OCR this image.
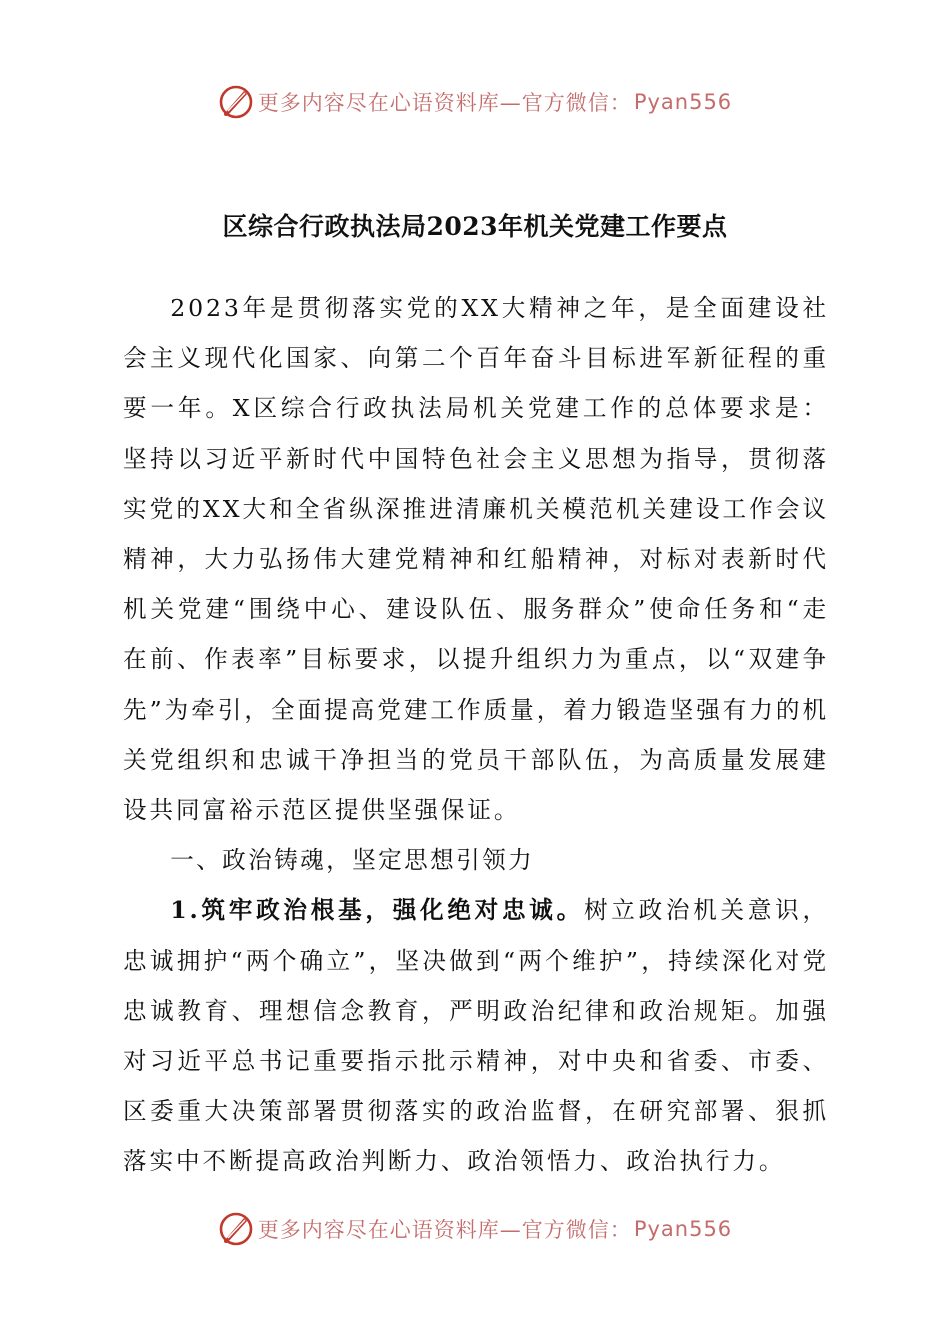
更多内容尽在心语资料库—官方微信： Pyan556
区综合行政执法局2023年机关党建工作要点

2023年是贯彻落实党的XX大精神之年，是全面建设社会主义现代化国家、向第二个百年奋斗目标进军新征程的重要一年。X区综合行政执法局机关党建工作的总体要求是：坚持以习近平新时代中国特色社会主义思想为指导，贯彻落实党的XX大和全省纵深推进清廉机关模范机关建设工作会议精神，大力弘扬伟大建党精神和红船精神，对标对表新时代机关党建“围绕中心、建设队伍、服务群众”使命任务和“走在前、作表率”目标要求，以提升组织力为重点，以“双建争先”为牵引，全面提高党建工作质量，着力锻造坚强有力的机关党组织和忠诚干净担当的党员干部队伍，为高质量发展建设共同富裕示范区提供坚强保证。

一、政治铸魂，坚定思想引领力

1.筑牢政治根基，强化绝对忠诚。树立政治机关意识，忠诚拥护“两个确立”，坚决做到“两个维护”，持续深化对党忠诚教育、理想信念教育，严明政治纪律和政治规矩。加强对习近平总书记重要指示批示精神，对中央和省委、市委、区委重大决策部署贯彻落实的政治监督，在研究部署、狠抓落实中不断提高政治判断力、政治领悟力、政治执行力。

更多内容尽在心语资料库—官方微信： Pyan556
